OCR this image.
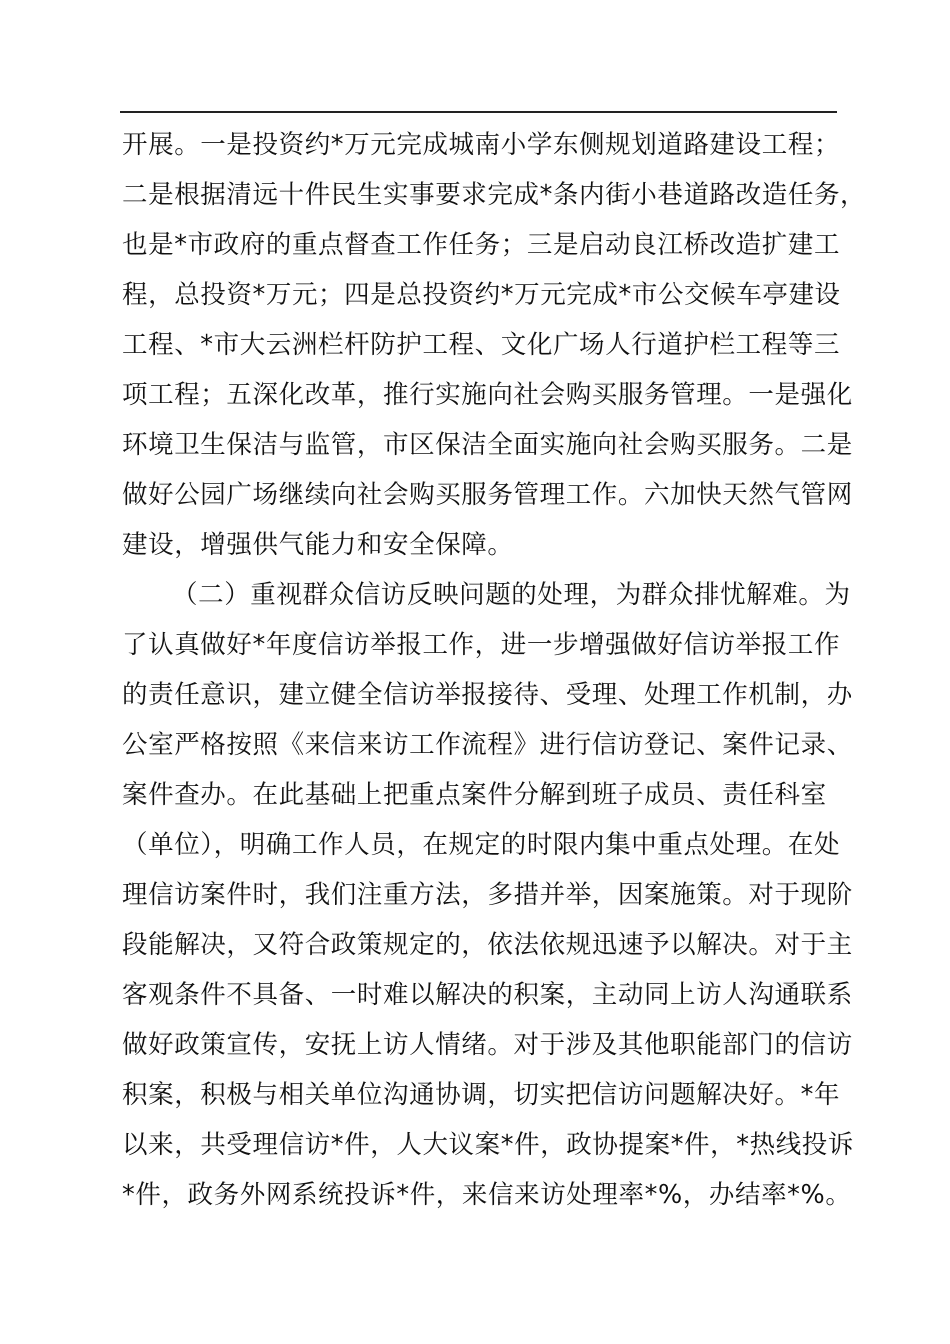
开展。一是投资约*万元完成城南小学东侧规划道路建设工程；
二是根据清远十件民生实事要求完成*条内街小巷道路改造任务，
也是*市政府的重点督查工作任务；三是启动良江桥改造扩建工
程，总投资*万元；四是总投资约*万元完成*市公交候车亭建设
工程、*市大云洲栏杆防护工程、文化广场人行道护栏工程等三
项工程；五深化改革，推行实施向社会购买服务管理。一是强化
环境卫生保洁与监管，市区保洁全面实施向社会购买服务。二是
做好公园广场继续向社会购买服务管理工作。六加快天然气管网
建设，增强供气能力和安全保障。
（二）重视群众信访反映问题的处理，为群众排忧解难。为
了认真做好*年度信访举报工作，进一步增强做好信访举报工作
的责任意识，建立健全信访举报接待、受理、处理工作机制，办
公室严格按照《来信来访工作流程》进行信访登记、案件记录、
案件查办。在此基础上把重点案件分解到班子成员、责任科室
（单位），明确工作人员，在规定的时限内集中重点处理。在处
理信访案件时，我们注重方法，多措并举，因案施策。对于现阶
段能解决，又符合政策规定的，依法依规迅速予以解决。对于主
客观条件不具备、一时难以解决的积案，主动同上访人沟通联系
做好政策宣传，安抚上访人情绪。对于涉及其他职能部门的信访
积案，积极与相关单位沟通协调，切实把信访问题解决好。*年
以来，共受理信访*件，人大议案*件，政协提案*件，*热线投诉
*件，政务外网系统投诉*件，来信来访处理率*%，办结率*%。
